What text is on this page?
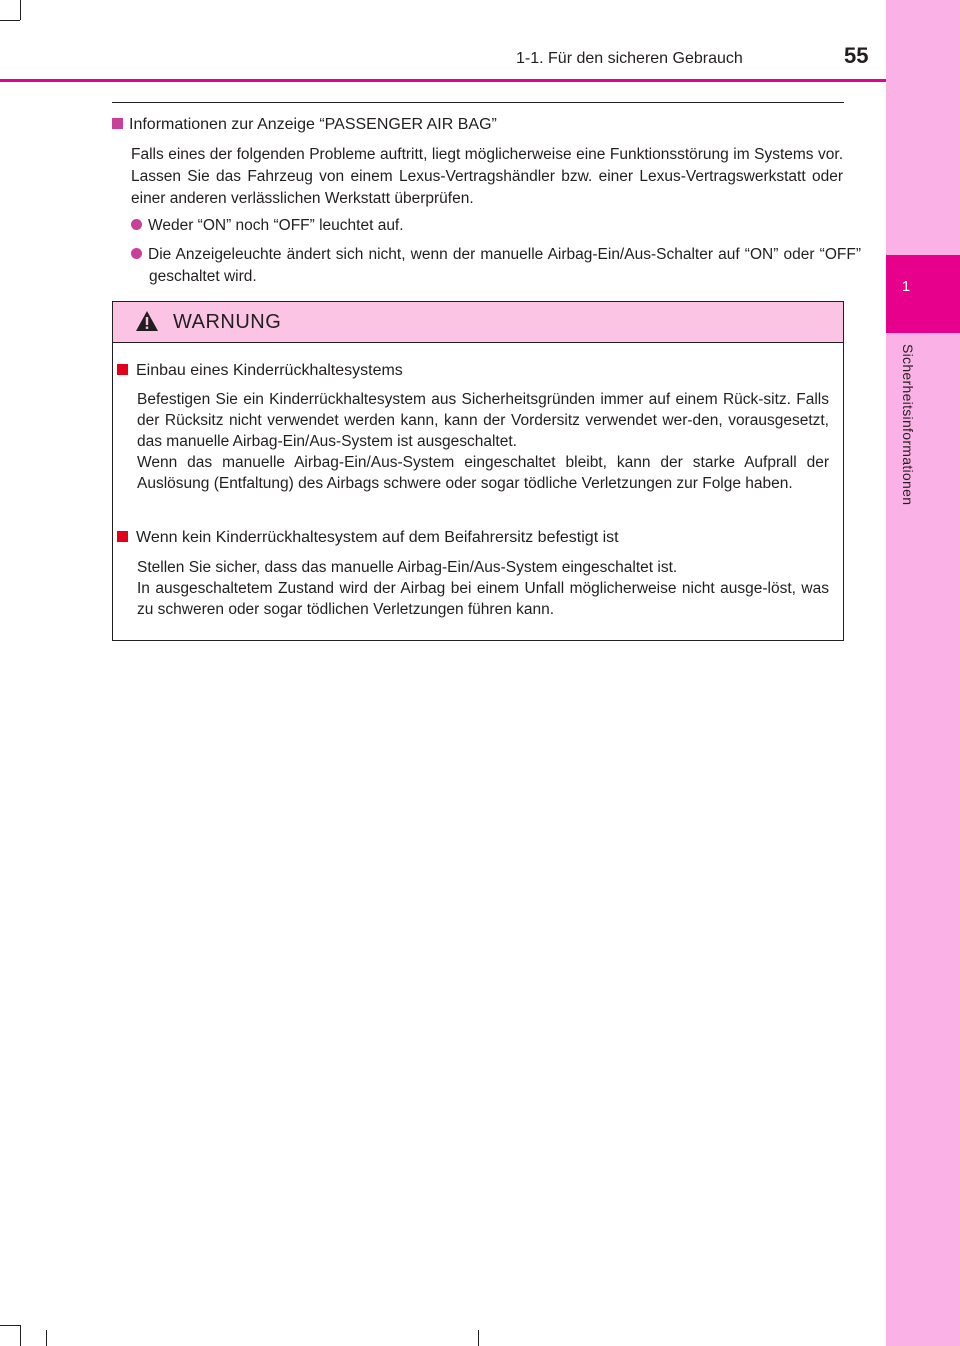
1
Sicherheitsinformationen
1-1. Für den sicheren Gebrauch	55
Informationen zur Anzeige “PASSENGER AIR BAG”
Falls eines der folgenden Probleme auftritt, liegt möglicherweise eine Funktionsstörung im Systems vor. Lassen Sie das Fahrzeug von einem Lexus-Vertragshändler bzw. einer Lexus-Vertragswerkstatt oder einer anderen verlässlichen Werkstatt überprüfen.
Weder “ON” noch “OFF” leuchtet auf.
Die Anzeigeleuchte ändert sich nicht, wenn der manuelle Airbag-Ein/Aus-Schalter auf “ON” oder “OFF” geschaltet wird.
WARNUNG
Einbau eines Kinderrückhaltesystems
Befestigen Sie ein Kinderrückhaltesystem aus Sicherheitsgründen immer auf einem Rück-sitz. Falls der Rücksitz nicht verwendet werden kann, kann der Vordersitz verwendet wer-den, vorausgesetzt, das manuelle Airbag-Ein/Aus-System ist ausgeschaltet.
Wenn das manuelle Airbag-Ein/Aus-System eingeschaltet bleibt, kann der starke Aufprall der Auslösung (Entfaltung) des Airbags schwere oder sogar tödliche Verletzungen zur Folge haben.
Wenn kein Kinderrückhaltesystem auf dem Beifahrersitz befestigt ist
Stellen Sie sicher, dass das manuelle Airbag-Ein/Aus-System eingeschaltet ist.
In ausgeschaltetem Zustand wird der Airbag bei einem Unfall möglicherweise nicht ausge-löst, was zu schweren oder sogar tödlichen Verletzungen führen kann.
